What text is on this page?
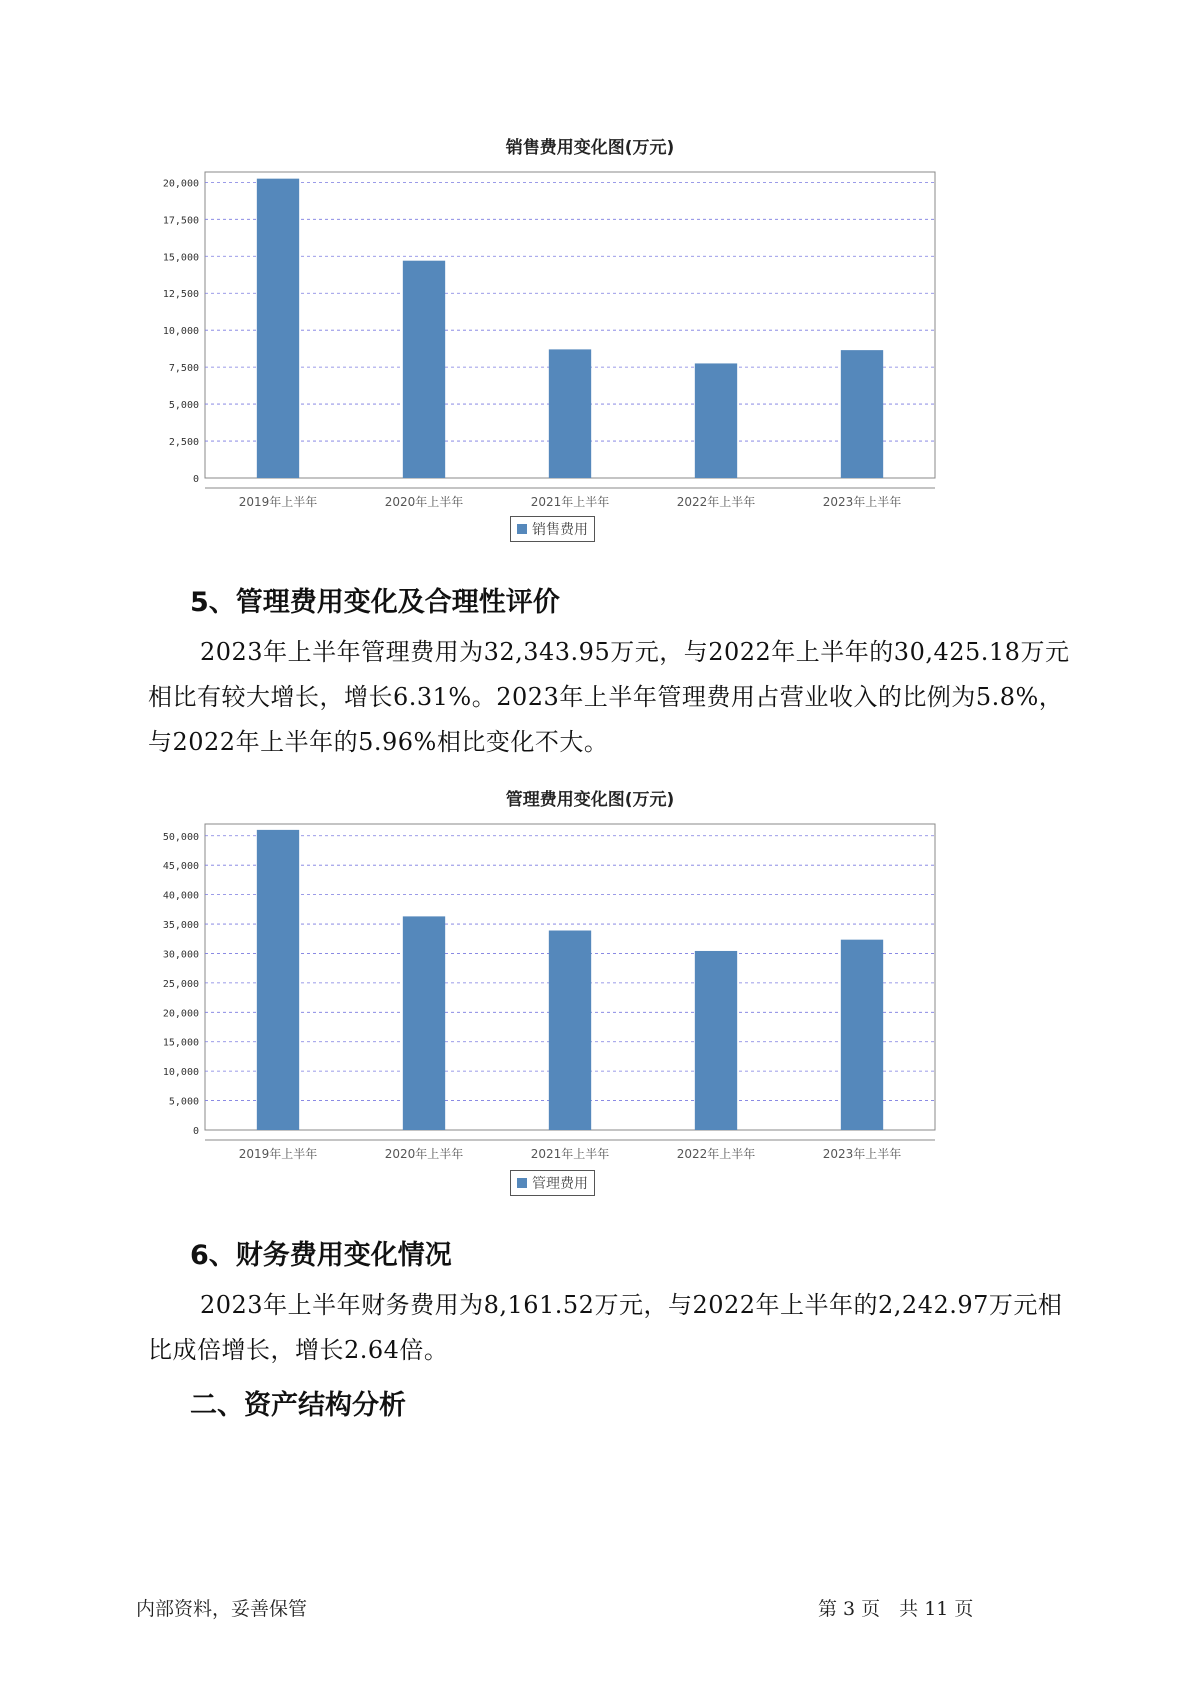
销售费用变化图(万元)
0
2,500
5,000
7,500
10,000
12,500
15,000
17,500
20,000
2019年上半年	2020年上半年	2021年上半年	2022年上半年	2023年上半年
销售费用
5、管理费用变化及合理性评价

2023年上半年管理费用为32,343.95万元，与2022年上半年的30,425.18万元相比有较大增长，增长6.31%。2023年上半年管理费用占营业收入的比例为5.8%，与2022年上半年的5.96%相比变化不大。

管理费用变化图(万元)
0
5,000
10,000
15,000
20,000
25,000
30,000
35,000
40,000
45,000
50,000
2019年上半年	2020年上半年	2021年上半年	2022年上半年	2023年上半年
管理费用
6、财务费用变化情况

2023年上半年财务费用为8,161.52万元，与2022年上半年的2,242.97万元相比成倍增长，增长2.64倍。

二、资产结构分析
内部资料，妥善保管	第 3 页　共 11 页
